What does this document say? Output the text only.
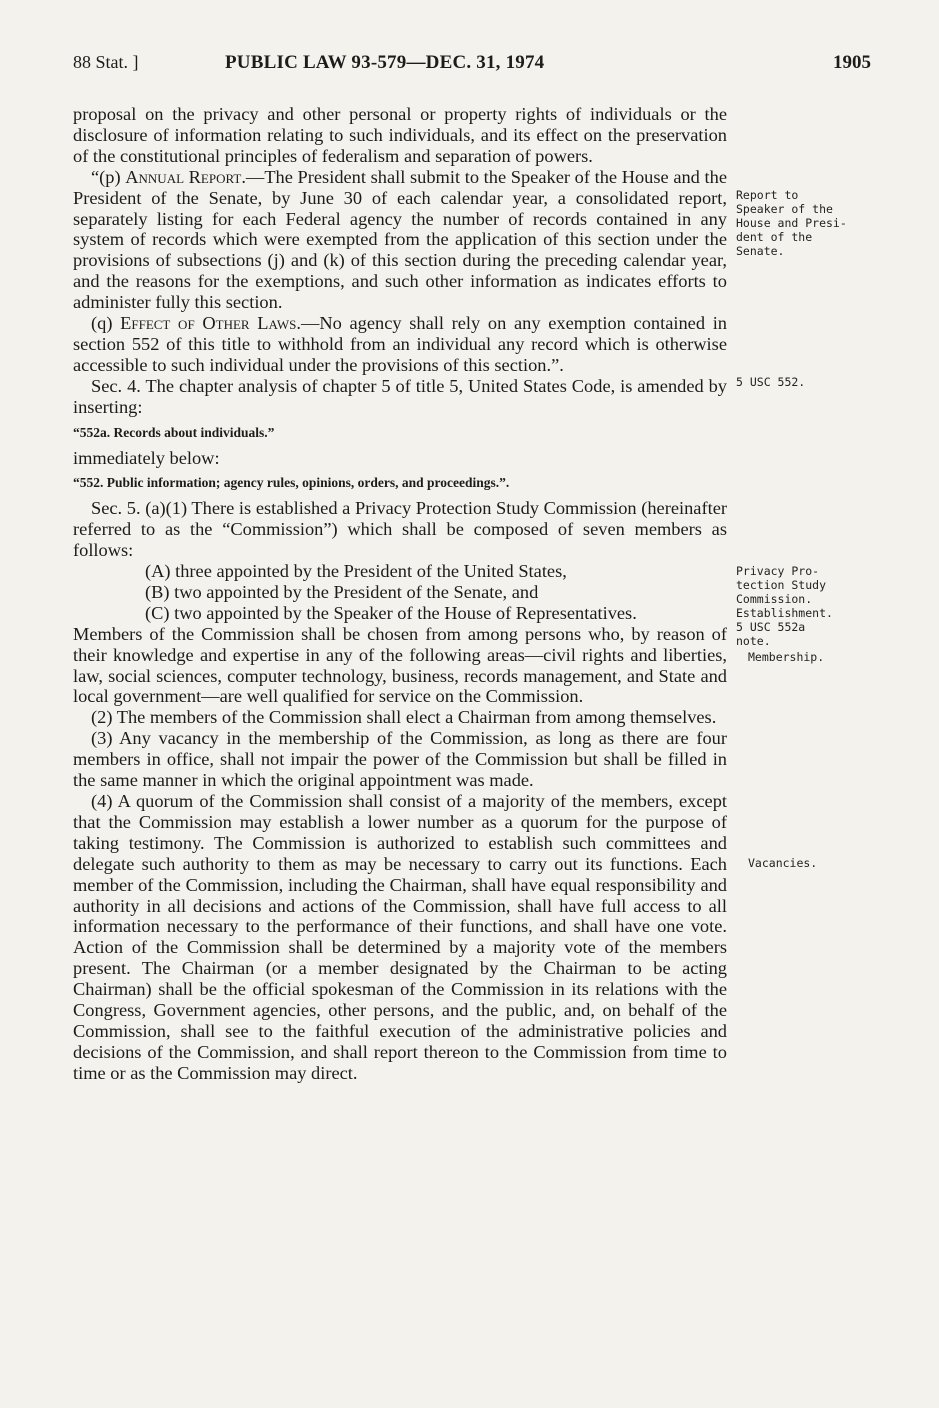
88 Stat. ]	PUBLIC LAW 93-579—DEC. 31, 1974	1905

proposal on the privacy and other personal or property rights of individuals or the disclosure of information relating to such individuals, and its effect on the preservation of the constitutional principles of federalism and separation of powers.

“(p) Annual Report.—The President shall submit to the Speaker of the House and the President of the Senate, by June 30 of each calendar year, a consolidated report, separately listing for each Federal agency the number of records contained in any system of records which were exempted from the application of this section under the provisions of subsections (j) and (k) of this section during the preceding calendar year, and the reasons for the exemptions, and such other information as indicates efforts to administer fully this section.

(q) Effect of Other Laws.—No agency shall rely on any exemption contained in section 552 of this title to withhold from an individual any record which is otherwise accessible to such individual under the provisions of this section.”.

Sec. 4. The chapter analysis of chapter 5 of title 5, United States Code, is amended by inserting:

“552a. Records about individuals.”

immediately below:

“552. Public information; agency rules, opinions, orders, and proceedings.”.

Sec. 5. (a)(1) There is established a Privacy Protection Study Commission (hereinafter referred to as the “Commission”) which shall be composed of seven members as follows:

(A) three appointed by the President of the United States,

(B) two appointed by the President of the Senate, and

(C) two appointed by the Speaker of the House of Representatives.

Members of the Commission shall be chosen from among persons who, by reason of their knowledge and expertise in any of the following areas—civil rights and liberties, law, social sciences, computer technology, business, records management, and State and local government—are well qualified for service on the Commission.

(2) The members of the Commission shall elect a Chairman from among themselves.

(3) Any vacancy in the membership of the Commission, as long as there are four members in office, shall not impair the power of the Commission but shall be filled in the same manner in which the original appointment was made.

(4) A quorum of the Commission shall consist of a majority of the members, except that the Commission may establish a lower number as a quorum for the purpose of taking testimony. The Commission is authorized to establish such committees and delegate such authority to them as may be necessary to carry out its functions. Each member of the Commission, including the Chairman, shall have equal responsibility and authority in all decisions and actions of the Commission, shall have full access to all information necessary to the performance of their functions, and shall have one vote. Action of the Commission shall be determined by a majority vote of the members present. The Chairman (or a member designated by the Chairman to be acting Chairman) shall be the official spokesman of the Commission in its relations with the Congress, Government agencies, other persons, and the public, and, on behalf of the Commission, shall see to the faithful execution of the administrative policies and decisions of the Commission, and shall report thereon to the Commission from time to time or as the Commission may direct.

Report to
Speaker of the
House and Presi-
dent of the
Senate.
5 USC 552.
Privacy Pro-
tection Study
Commission.
Establishment.
5 USC 552a
note.
Membership.
Vacancies.
